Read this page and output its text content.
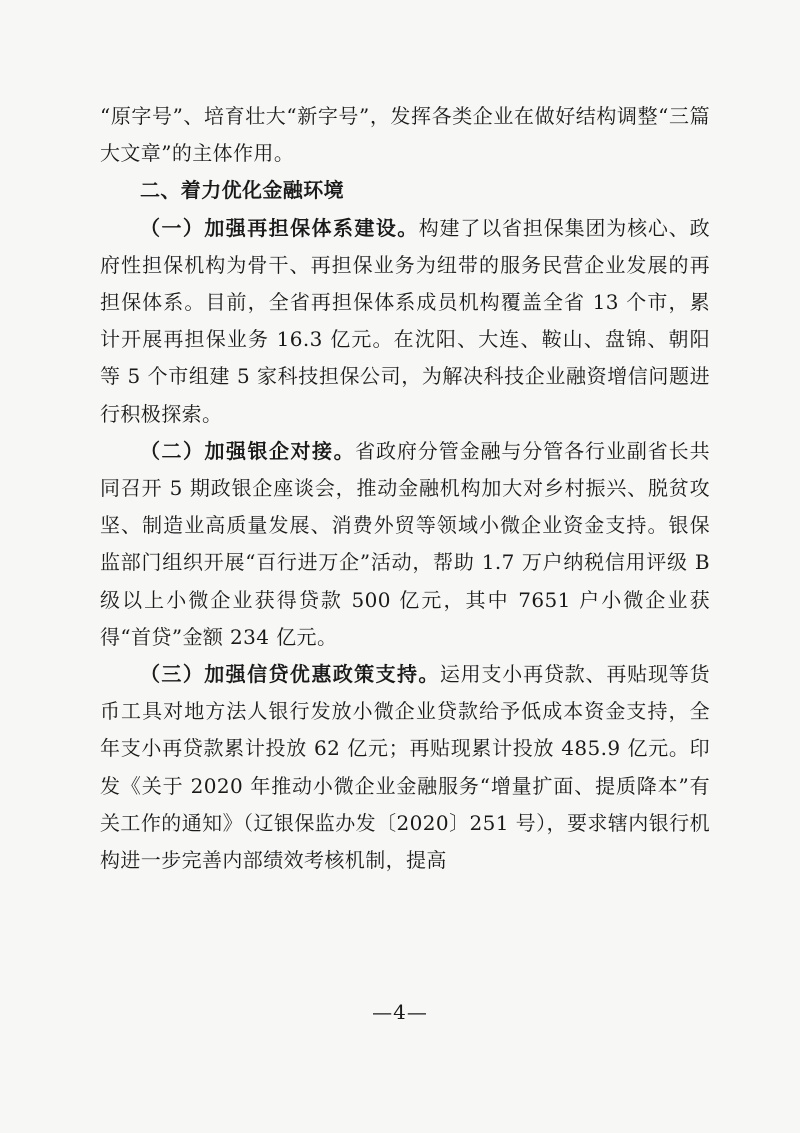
“原字号”、培育壮大“新字号”，发挥各类企业在做好结构调整“三篇大文章”的主体作用。

二、着力优化金融环境

（一）加强再担保体系建设。构建了以省担保集团为核心、政府性担保机构为骨干、再担保业务为纽带的服务民营企业发展的再担保体系。目前，全省再担保体系成员机构覆盖全省 13 个市，累计开展再担保业务 16.3 亿元。在沈阳、大连、鞍山、盘锦、朝阳等 5 个市组建 5 家科技担保公司，为解决科技企业融资增信问题进行积极探索。

（二）加强银企对接。省政府分管金融与分管各行业副省长共同召开 5 期政银企座谈会，推动金融机构加大对乡村振兴、脱贫攻坚、制造业高质量发展、消费外贸等领域小微企业资金支持。银保监部门组织开展“百行进万企”活动，帮助 1.7 万户纳税信用评级 B 级以上小微企业获得贷款 500 亿元，其中 7651 户小微企业获得“首贷”金额 234 亿元。

（三）加强信贷优惠政策支持。运用支小再贷款、再贴现等货币工具对地方法人银行发放小微企业贷款给予低成本资金支持，全年支小再贷款累计投放 62 亿元；再贴现累计投放 485.9 亿元。印发《关于 2020 年推动小微企业金融服务“增量扩面、提质降本”有关工作的通知》（辽银保监办发〔2020〕251 号），要求辖内银行机构进一步完善内部绩效考核机制，提高

—4—
